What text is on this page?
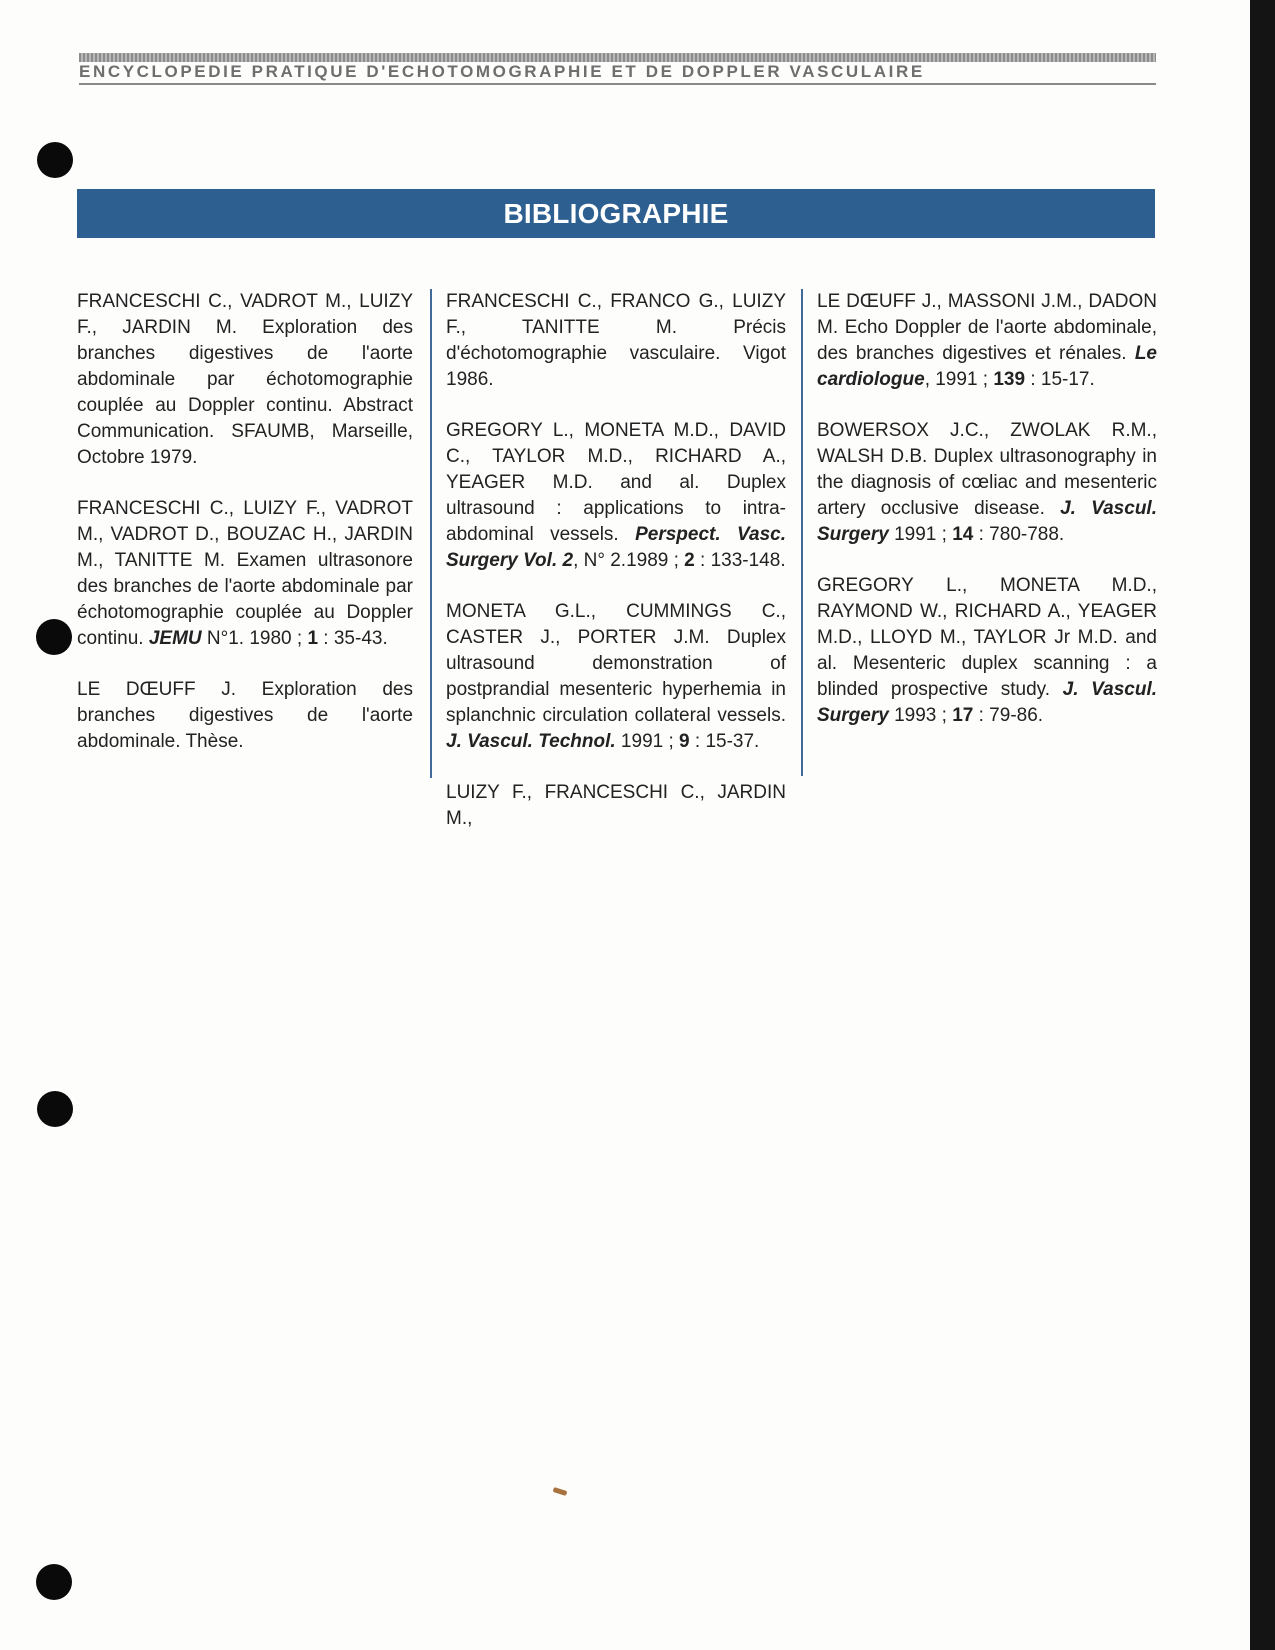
ENCYCLOPEDIE PRATIQUE D'ECHOTOMOGRAPHIE ET DE DOPPLER VASCULAIRE
BIBLIOGRAPHIE

FRANCESCHI C., VADROT M., LUIZY F., JARDIN M. Exploration des branches digestives de l'aorte abdominale par échotomographie couplée au Doppler continu. Abstract Communication. SFAUMB, Marseille, Octobre 1979.

FRANCESCHI C., LUIZY F., VADROT M., VADROT D., BOUZAC H., JARDIN M., TANITTE M. Examen ultrasonore des branches de l'aorte abdominale par échotomographie couplée au Doppler continu. JEMU N°1. 1980 ; 1 : 35-43.

LE DŒUFF J. Exploration des branches digestives de l'aorte abdominale. Thèse.

FRANCESCHI C., FRANCO G., LUIZY F., TANITTE M. Précis d'échotomographie vasculaire. Vigot 1986.

GREGORY L., MONETA M.D., DAVID C., TAYLOR M.D., RICHARD A., YEAGER M.D. and al. Duplex ultrasound : applications to intra-abdominal vessels. Perspect. Vasc. Surgery Vol. 2, N° 2.1989 ; 2 : 133-148.

MONETA G.L., CUMMINGS C., CASTER J., PORTER J.M. Duplex ultrasound demonstration of postprandial mesenteric hyperhemia in splanchnic circulation collateral vessels. J. Vascul. Technol. 1991 ; 9 : 15-37.

LUIZY F., FRANCESCHI C., JARDIN M.,

LE DŒUFF J., MASSONI J.M., DADON M. Echo Doppler de l'aorte abdominale, des branches digestives et rénales. Le cardiologue, 1991 ; 139 : 15-17.

BOWERSOX J.C., ZWOLAK R.M., WALSH D.B. Duplex ultrasonography in the diagnosis of cœliac and mesenteric artery occlusive disease. J. Vascul. Surgery 1991 ; 14 : 780-788.

GREGORY L., MONETA M.D., RAYMOND W., RICHARD A., YEAGER M.D., LLOYD M., TAYLOR Jr M.D. and al. Mesenteric duplex scanning : a blinded prospective study. J. Vascul. Surgery 1993 ; 17 : 79-86.
